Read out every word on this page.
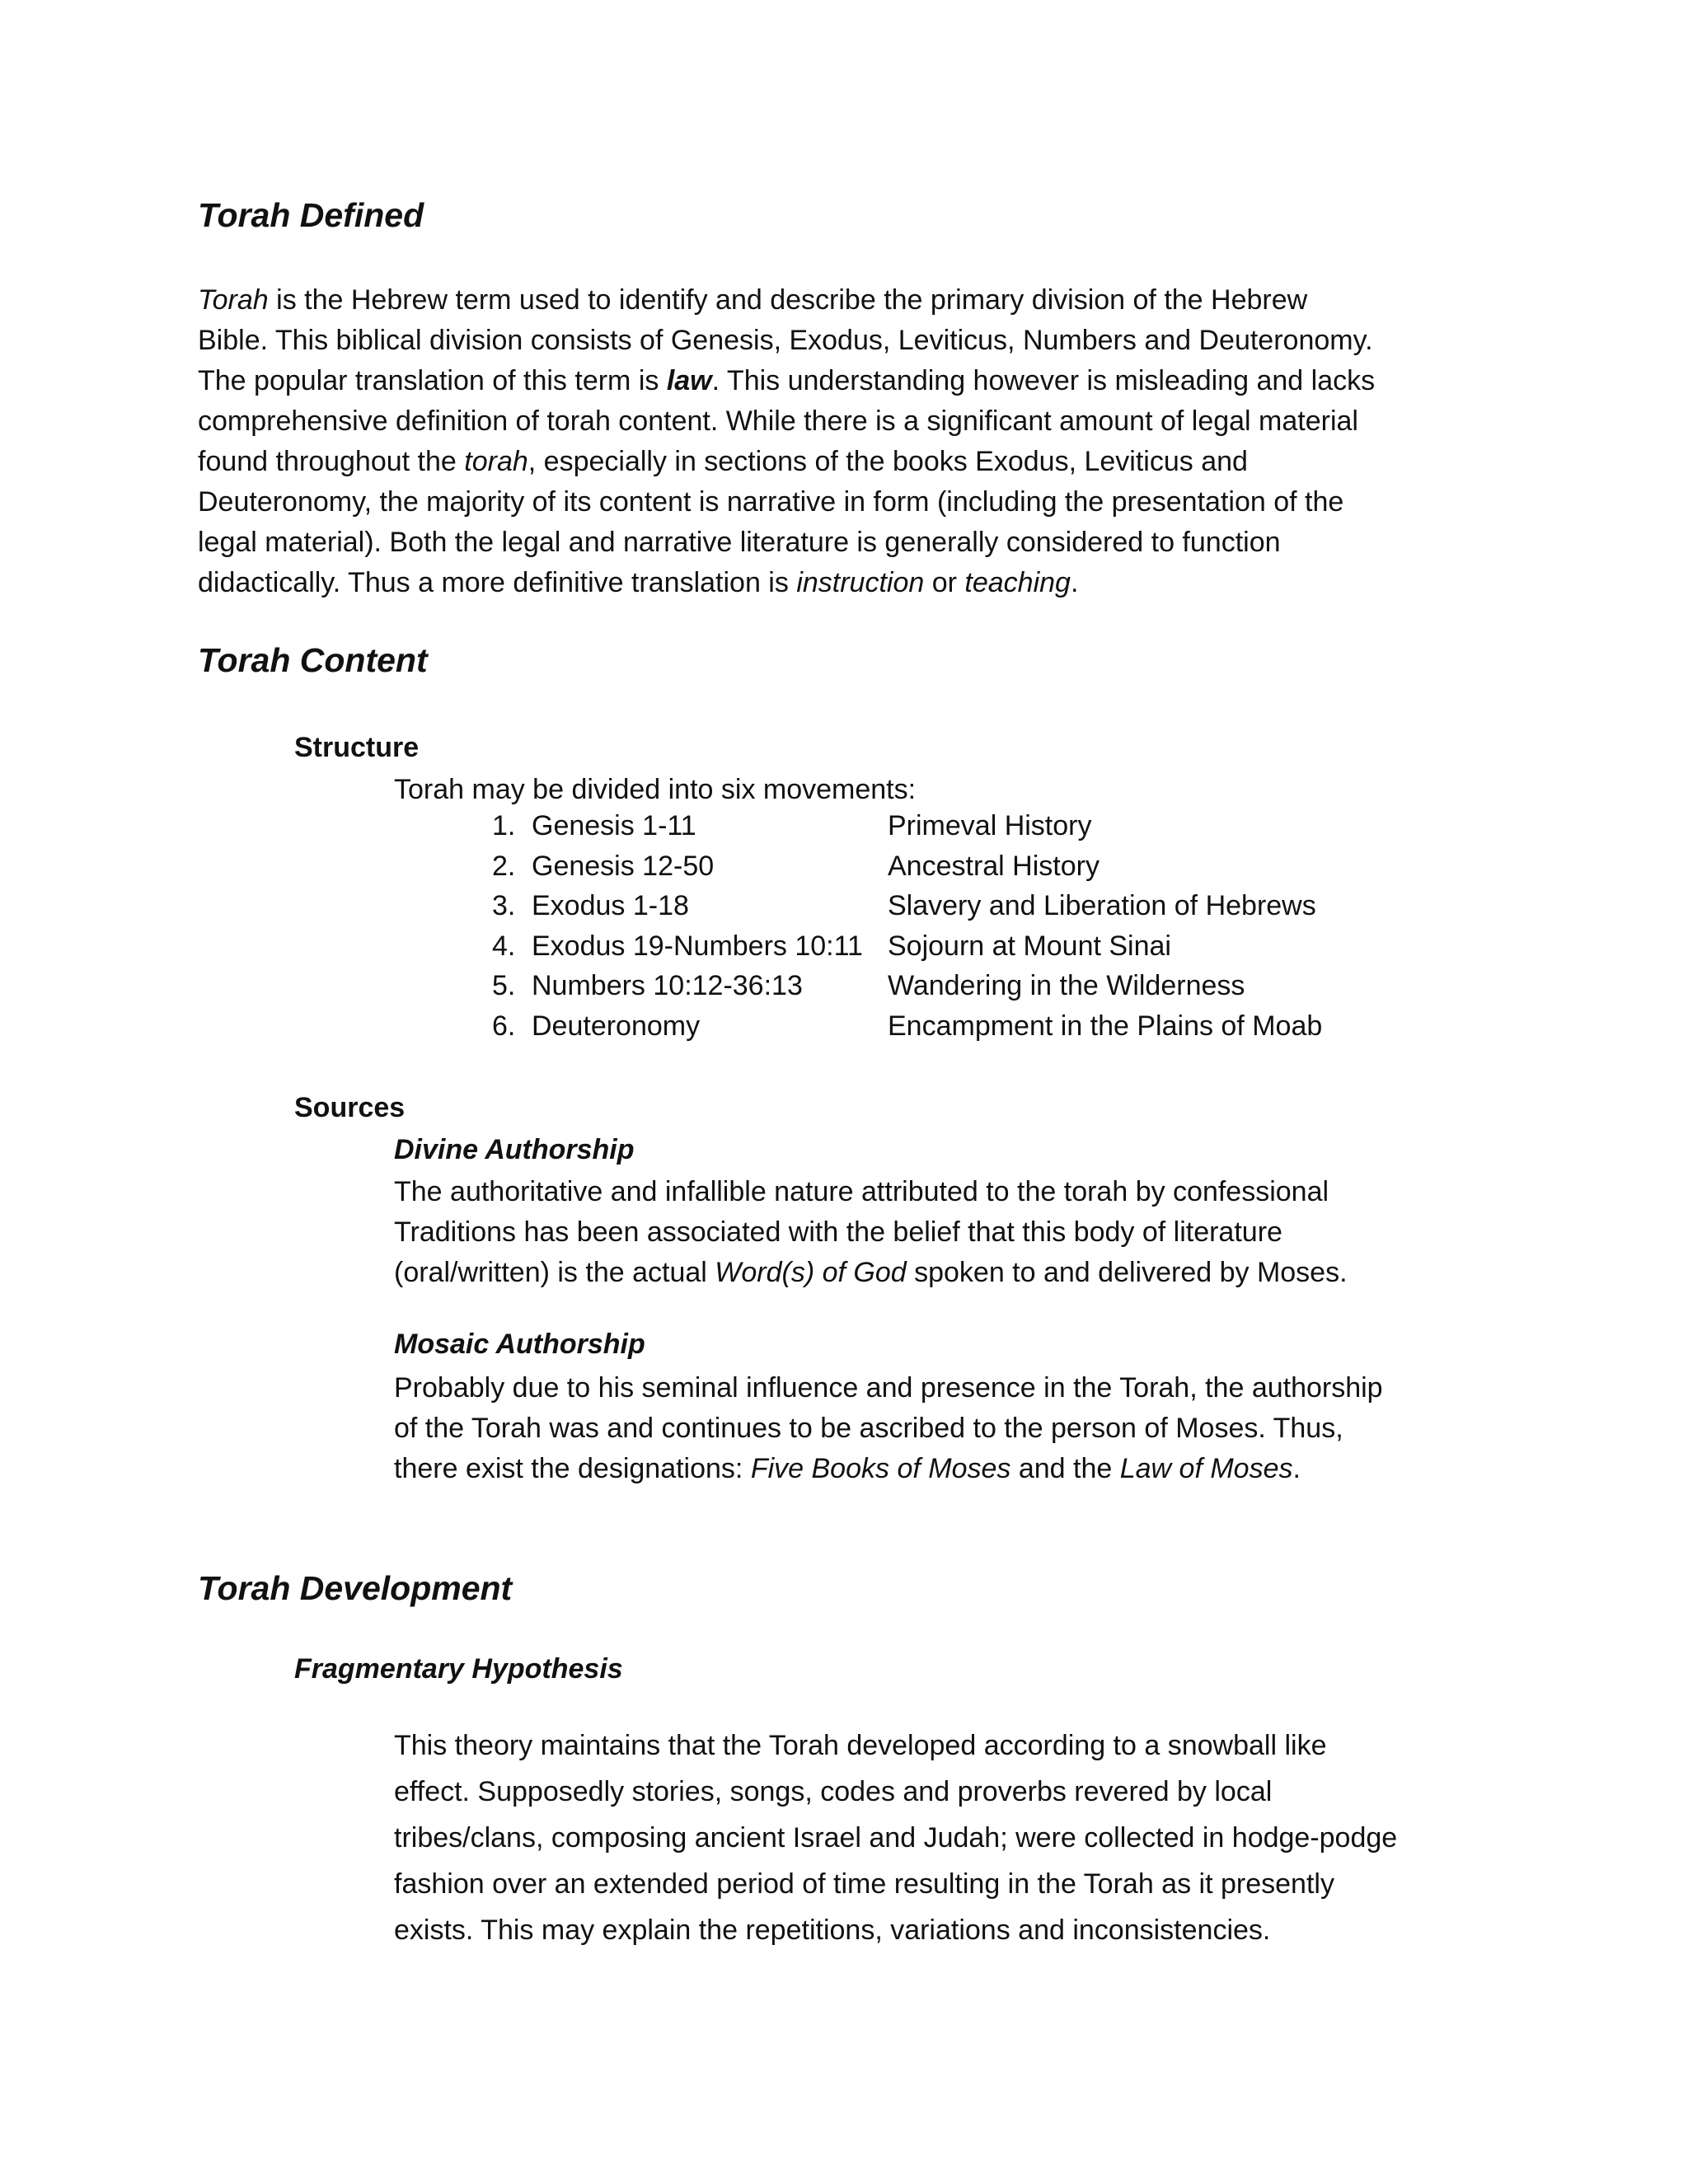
Torah Defined
Torah is the Hebrew term used to identify and describe the primary division of the Hebrew
Bible. This biblical division consists of Genesis, Exodus, Leviticus, Numbers and Deuteronomy.
The popular translation of this term is law. This understanding however is misleading and lacks
comprehensive definition of torah content. While there is a significant amount of legal material
found throughout the torah, especially in sections of the books Exodus, Leviticus and
Deuteronomy, the majority of its content is narrative in form (including the presentation of the
legal material). Both the legal and narrative literature is generally considered to function
didactically. Thus a more definitive translation is instruction or teaching.
Torah Content
Structure
Torah may be divided into six movements:
1. Genesis 1-11	Primeval History
2. Genesis 12-50	Ancestral History
3. Exodus 1-18	Slavery and Liberation of Hebrews
4. Exodus 19-Numbers 10:11 Sojourn at Mount Sinai
5. Numbers 10:12-36:13	Wandering in the Wilderness
6. Deuteronomy	Encampment in the Plains of Moab
Sources
Divine Authorship
The authoritative and infallible nature attributed to the torah by confessional
Traditions has been associated with the belief that this body of literature
(oral/written) is the actual Word(s) of God spoken to and delivered by Moses.
Mosaic Authorship
Probably due to his seminal influence and presence in the Torah, the authorship
of the Torah was and continues to be ascribed to the person of Moses. Thus,
there exist the designations: Five Books of Moses and the Law of Moses.
Torah Development
Fragmentary Hypothesis
This theory maintains that the Torah developed according to a snowball like
effect. Supposedly stories, songs, codes and proverbs revered by local
tribes/clans, composing ancient Israel and Judah; were collected in hodge-podge
fashion over an extended period of time resulting in the Torah as it presently
exists. This may explain the repetitions, variations and inconsistencies.
